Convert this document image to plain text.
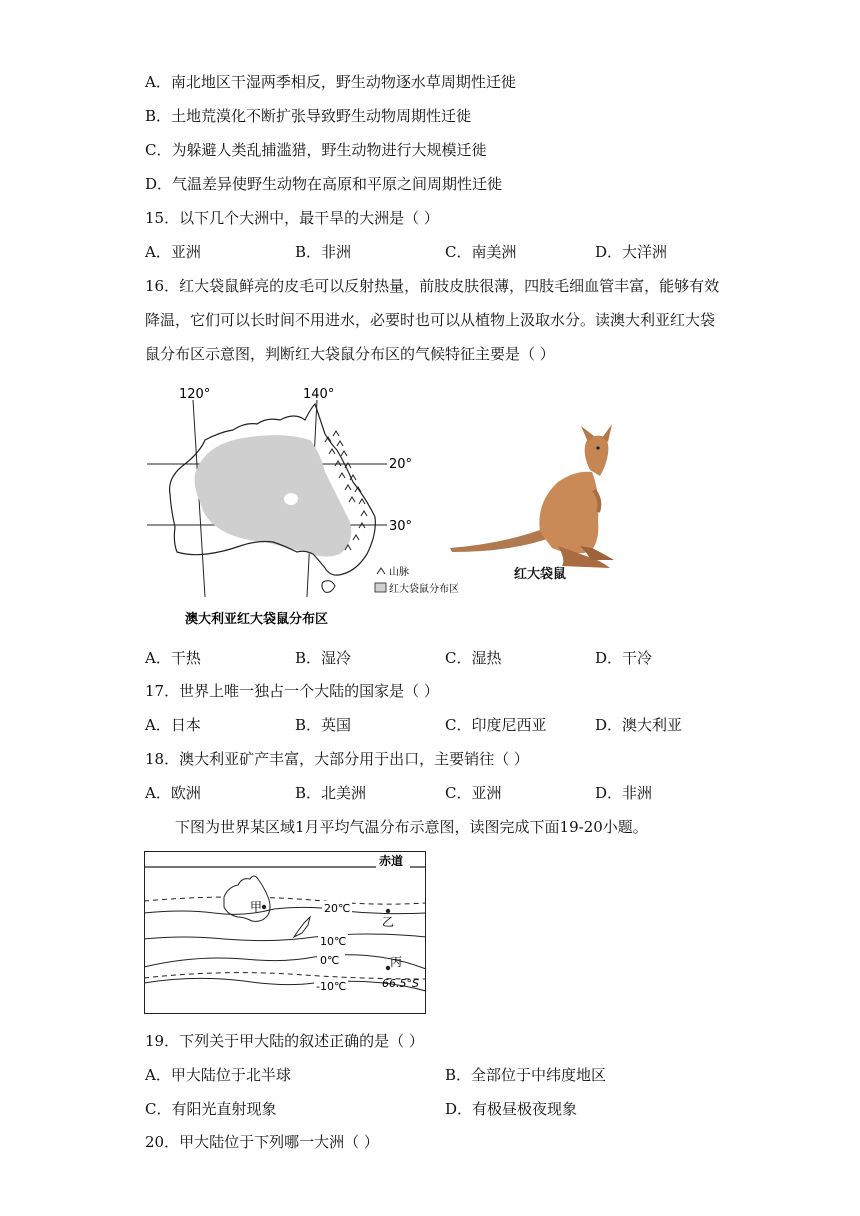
A．南北地区干湿两季相反，野生动物逐水草周期性迁徙
B．土地荒漠化不断扩张导致野生动物周期性迁徙
C．为躲避人类乱捕滥猎，野生动物进行大规模迁徙
D．气温差异使野生动物在高原和平原之间周期性迁徙
15．以下几个大洲中，最干旱的大洲是（ ）
A．亚洲	B．非洲	C．南美洲	D．大洋洲
16．红大袋鼠鲜亮的皮毛可以反射热量，前肢皮肤很薄，四肢毛细血管丰富，能够有效
降温，它们可以长时间不用进水，必要时也可以从植物上汲取水分。读澳大利亚红大袋
鼠分布区示意图，判断红大袋鼠分布区的气候特征主要是（ ）
120°	140°
20°
30°
山脉
红大袋鼠分布区
澳大利亚红大袋鼠分布区
红大袋鼠
A．干热	B．湿冷	C．湿热	D．干冷
17．世界上唯一独占一个大陆的国家是（ ）
A．日本	B．英国	C．印度尼西亚	D．澳大利亚
18．澳大利亚矿产丰富，大部分用于出口，主要销往（ ）
A．欧洲	B．北美洲	C．亚洲	D．非洲
下图为世界某区域1月平均气温分布示意图，读图完成下面19-20小题。
赤道
20℃
10℃
0℃
-10℃	66.5°S
甲
乙
丙
19．下列关于甲大陆的叙述正确的是（ ）
A．甲大陆位于北半球	B．全部位于中纬度地区
C．有阳光直射现象	D．有极昼极夜现象
20．甲大陆位于下列哪一大洲（ ）
